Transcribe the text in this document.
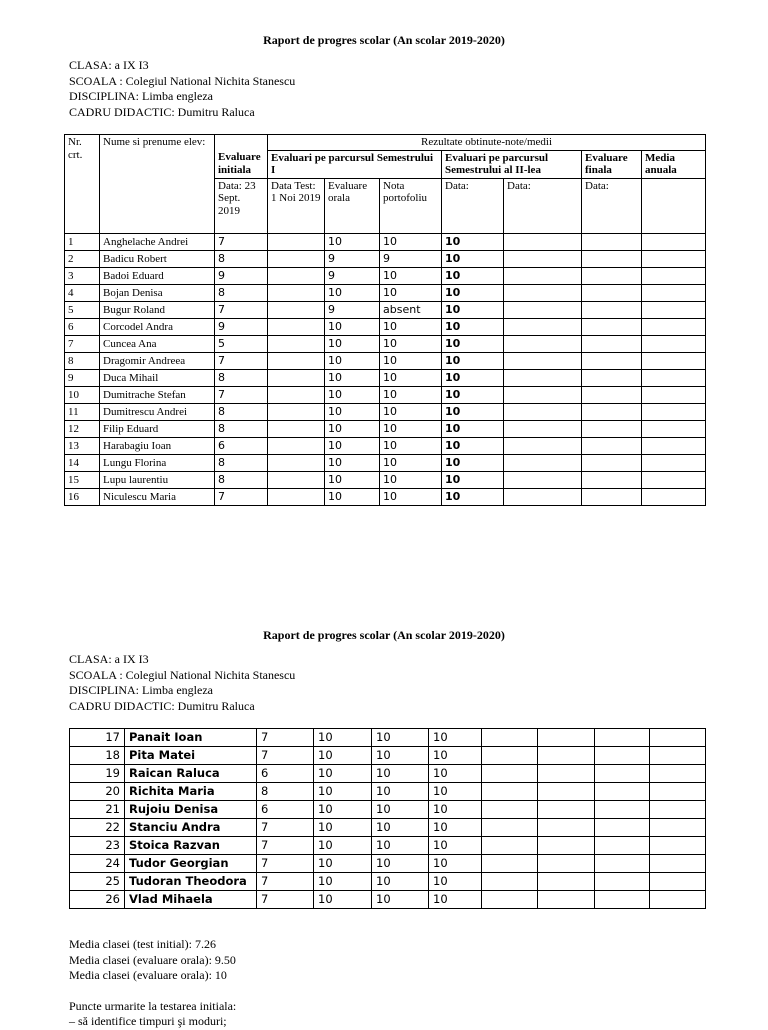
Raport de progres scolar (An scolar 2019-2020)
CLASA: a IX I3
SCOALA : Colegiul National Nichita Stanescu
DISCIPLINA: Limba engleza
CADRU DIDACTIC: Dumitru Raluca
Nr. crt.	Nume si prenume elev:		Rezultate obtinute-note/medii						
		Evaluare initiala	Evaluari pe parcursul Semestrului I			Evaluari pe parcursul Semestrului al II-lea		Evaluare finala	Media anuala
		Data: 23 Sept. 2019	Data Test: 1 Noi 2019	Evaluare orala	Nota portofoliu	Data:	Data:	Data:	
1	Anghelache Andrei	7		10	10	10			
2	Badicu Robert	8		9	9	10			
3	Badoi Eduard	9		9	10	10			
4	Bojan Denisa	8		10	10	10			
5	Bugur Roland	7		9	absent	10			
6	Corcodel Andra	9		10	10	10			
7	Cuncea Ana	5		10	10	10			
8	Dragomir Andreea	7		10	10	10			
9	Duca Mihail	8		10	10	10			
10	Dumitrache Stefan	7		10	10	10			
11	Dumitrescu Andrei	8		10	10	10			
12	Filip Eduard	8		10	10	10			
13	Harabagiu Ioan	6		10	10	10			
14	Lungu Florina	8		10	10	10			
15	Lupu laurentiu	8		10	10	10			
16	Niculescu Maria	7		10	10	10			
Raport de progres scolar (An scolar 2019-2020)
CLASA: a IX I3
SCOALA : Colegiul National Nichita Stanescu
DISCIPLINA: Limba engleza
CADRU DIDACTIC: Dumitru Raluca
17	Panait Ioan	7	10	10	10				
18	Pita Matei	7	10	10	10				
19	Raican Raluca	6	10	10	10				
20	Richita Maria	8	10	10	10				
21	Rujoiu Denisa	6	10	10	10				
22	Stanciu Andra	7	10	10	10				
23	Stoica Razvan	7	10	10	10				
24	Tudor Georgian	7	10	10	10				
25	Tudoran Theodora	7	10	10	10				
26	Vlad Mihaela	7	10	10	10				
Media clasei (test initial): 7.26
Media clasei (evaluare orala): 9.50
Media clasei (evaluare orala): 10
Puncte urmarite la testarea initiala:
– să identifice timpuri şi moduri;
